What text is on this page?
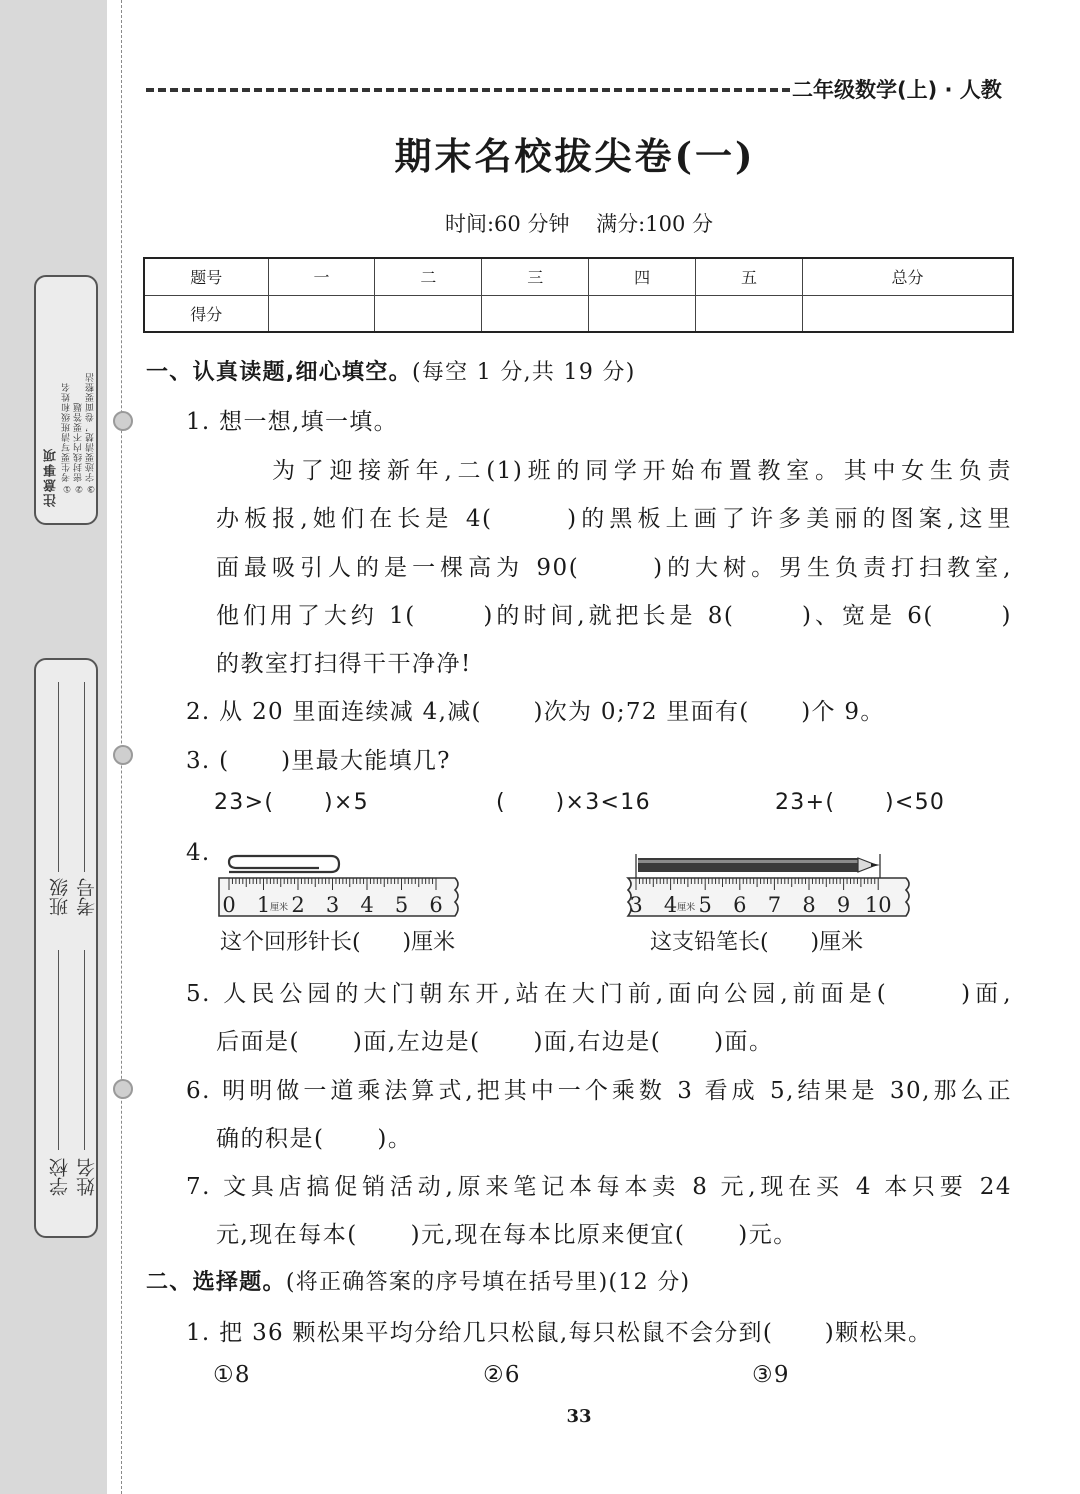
注意事项 ①考生要写清班级和姓名 ②密封线内不要答题 ③字迹要清楚，卷面要整洁
班级 考号
学校 姓名
二年级数学(上) · 人教
期末名校拔尖卷(一)
时间:60 分钟    满分:100 分
题号	一	二	三	四	五	总分
得分						
一、认真读题,细心填空。(每空 1 分,共 19 分)
1. 想一想,填一填。
为了迎接新年,二(1)班的同学开始布置教室。其中女生负责
办板报,她们在长是 4(      )的黑板上画了许多美丽的图案,这里
面最吸引人的是一棵高为 90(      )的大树。男生负责打扫教室,
他们用了大约 1(      )的时间,就把长是 8(      )、宽是 6(      )
的教室打扫得干干净净!
2. 从 20 里面连续减 4,减(      )次为 0;72 里面有(      )个 9。
3. (      )里最大能填几?
23>(      )×5	(      )×3<16	23+(      )<50
4.
0 1 2 3 4 5 6
厘米	3 4 5 6 7 8 9 10
厘米
这个回形针长(      )厘米	这支铅笔长(      )厘米
5. 人民公园的大门朝东开,站在大门前,面向公园,前面是(      )面,
后面是(      )面,左边是(      )面,右边是(      )面。
6. 明明做一道乘法算式,把其中一个乘数 3 看成 5,结果是 30,那么正
确的积是(      )。
7. 文具店搞促销活动,原来笔记本每本卖 8 元,现在买 4 本只要 24
元,现在每本(      )元,现在每本比原来便宜(      )元。
二、选择题。(将正确答案的序号填在括号里)(12 分)
1. 把 36 颗松果平均分给几只松鼠,每只松鼠不会分到(      )颗松果。
①8	②6	③9
33
